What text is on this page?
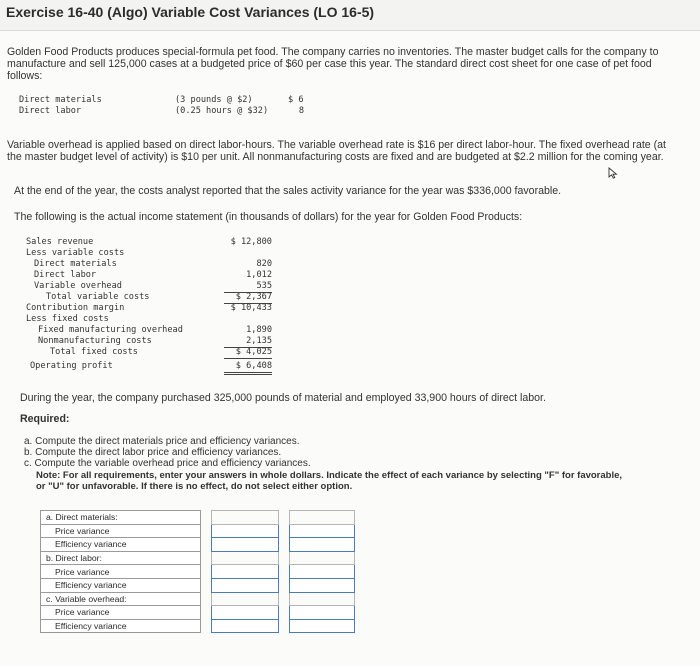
Exercise 16-40 (Algo) Variable Cost Variances (LO 16-5)

Golden Food Products produces special-formula pet food. The company carries no inventories. The master budget calls for the company to manufacture and sell 125,000 cases at a budgeted price of $60 per case this year. The standard direct cost sheet for one case of pet food follows:

Direct materials	(3 pounds @ $2)	$ 6
Direct labor	(0.25 hours @ $32)	8

Variable overhead is applied based on direct labor-hours. The variable overhead rate is $16 per direct labor-hour. The fixed overhead rate (at the master budget level of activity) is $10 per unit. All nonmanufacturing costs are fixed and are budgeted at $2.2 million for the coming year.

At the end of the year, the costs analyst reported that the sales activity variance for the year was $336,000 favorable.

The following is the actual income statement (in thousands of dollars) for the year for Golden Food Products:

Sales revenue	$ 12,800
Less variable costs
Direct materials	820
Direct labor	1,012
Variable overhead	535
Total variable costs	$ 2,367
Contribution margin	$ 10,433
Less fixed costs
Fixed manufacturing overhead	1,890
Nonmanufacturing costs	2,135
Total fixed costs	$ 4,025
Operating profit	$ 6,408

During the year, the company purchased 325,000 pounds of material and employed 33,900 hours of direct labor.

Required:

a. Compute the direct materials price and efficiency variances.

b. Compute the direct labor price and efficiency variances.

c. Compute the variable overhead price and efficiency variances.

Note: For all requirements, enter your answers in whole dollars. Indicate the effect of each variance by selecting "F" for favorable, or "U" for unfavorable. If there is no effect, do not select either option.

a. Direct materials:				
Price variance				
Efficiency variance				
b. Direct labor:				
Price variance				
Efficiency variance				
c. Variable overhead:				
Price variance				
Efficiency variance				
